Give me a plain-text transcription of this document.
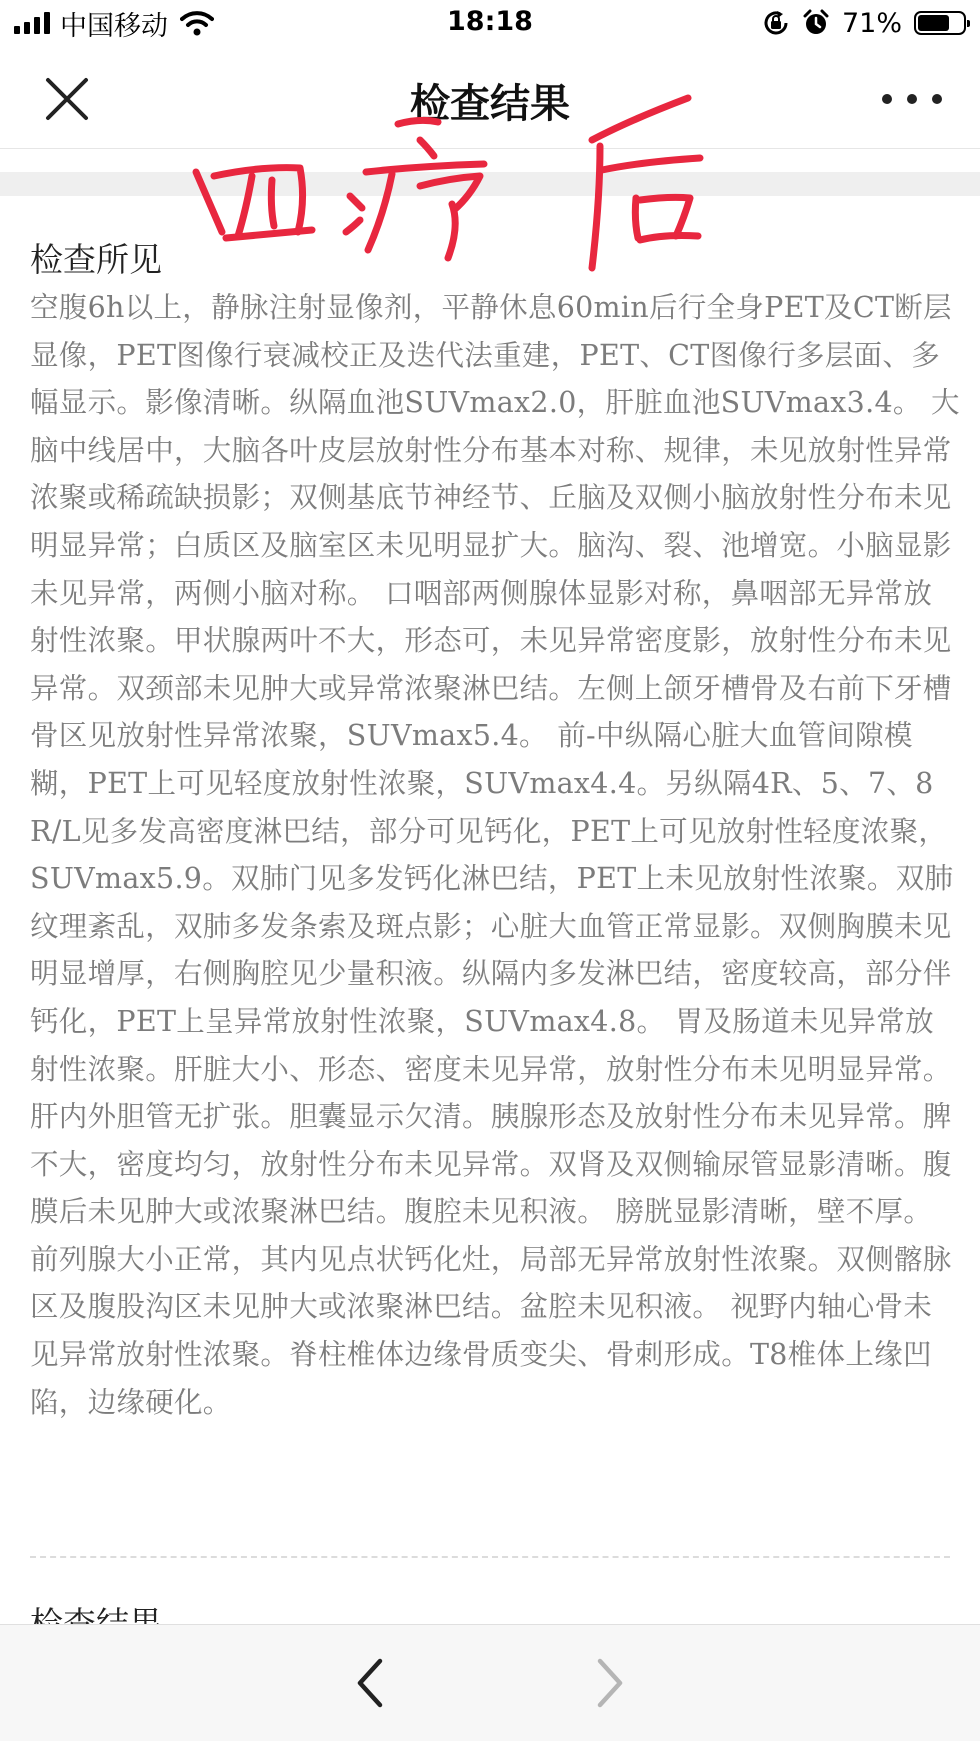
中国移动	18:18	71%
检查结果
检查所见

空腹6h以上，静脉注射显像剂，平静休息60min后行全身PET及CT断层显像，PET图像行衰减校正及迭代法重建，PET、CT图像行多层面、多幅显示。影像清晰。纵隔血池SUVmax2.0，肝脏血池SUVmax3.4。 大脑中线居中，大脑各叶皮层放射性分布基本对称、规律，未见放射性异常浓聚或稀疏缺损影；双侧基底节神经节、丘脑及双侧小脑放射性分布未见明显异常；白质区及脑室区未见明显扩大。脑沟、裂、池增宽。小脑显影未见异常，两侧小脑对称。 口咽部两侧腺体显影对称，鼻咽部无异常放射性浓聚。甲状腺两叶不大，形态可，未见异常密度影，放射性分布未见异常。双颈部未见肿大或异常浓聚淋巴结。左侧上颌牙槽骨及右前下牙槽骨区见放射性异常浓聚，SUVmax5.4。 前-中纵隔心脏大血管间隙模糊，PET上可见轻度放射性浓聚，SUVmax4.4。另纵隔4R、5、7、8R/L见多发高密度淋巴结，部分可见钙化，PET上可见放射性轻度浓聚，SUVmax5.9。双肺门见多发钙化淋巴结，PET上未见放射性浓聚。双肺纹理紊乱，双肺多发条索及斑点影；心脏大血管正常显影。双侧胸膜未见明显增厚，右侧胸腔见少量积液。纵隔内多发淋巴结，密度较高，部分伴钙化，PET上呈异常放射性浓聚，SUVmax4.8。 胃及肠道未见异常放射性浓聚。肝脏大小、形态、密度未见异常，放射性分布未见明显异常。肝内外胆管无扩张。胆囊显示欠清。胰腺形态及放射性分布未见异常。脾不大，密度均匀，放射性分布未见异常。双肾及双侧输尿管显影清晰。腹膜后未见肿大或浓聚淋巴结。腹腔未见积液。 膀胱显影清晰，壁不厚。前列腺大小正常，其内见点状钙化灶，局部无异常放射性浓聚。双侧髂脉区及腹股沟区未见肿大或浓聚淋巴结。盆腔未见积液。 视野内轴心骨未见异常放射性浓聚。脊柱椎体边缘骨质变尖、骨刺形成。T8椎体上缘凹陷，边缘硬化。
